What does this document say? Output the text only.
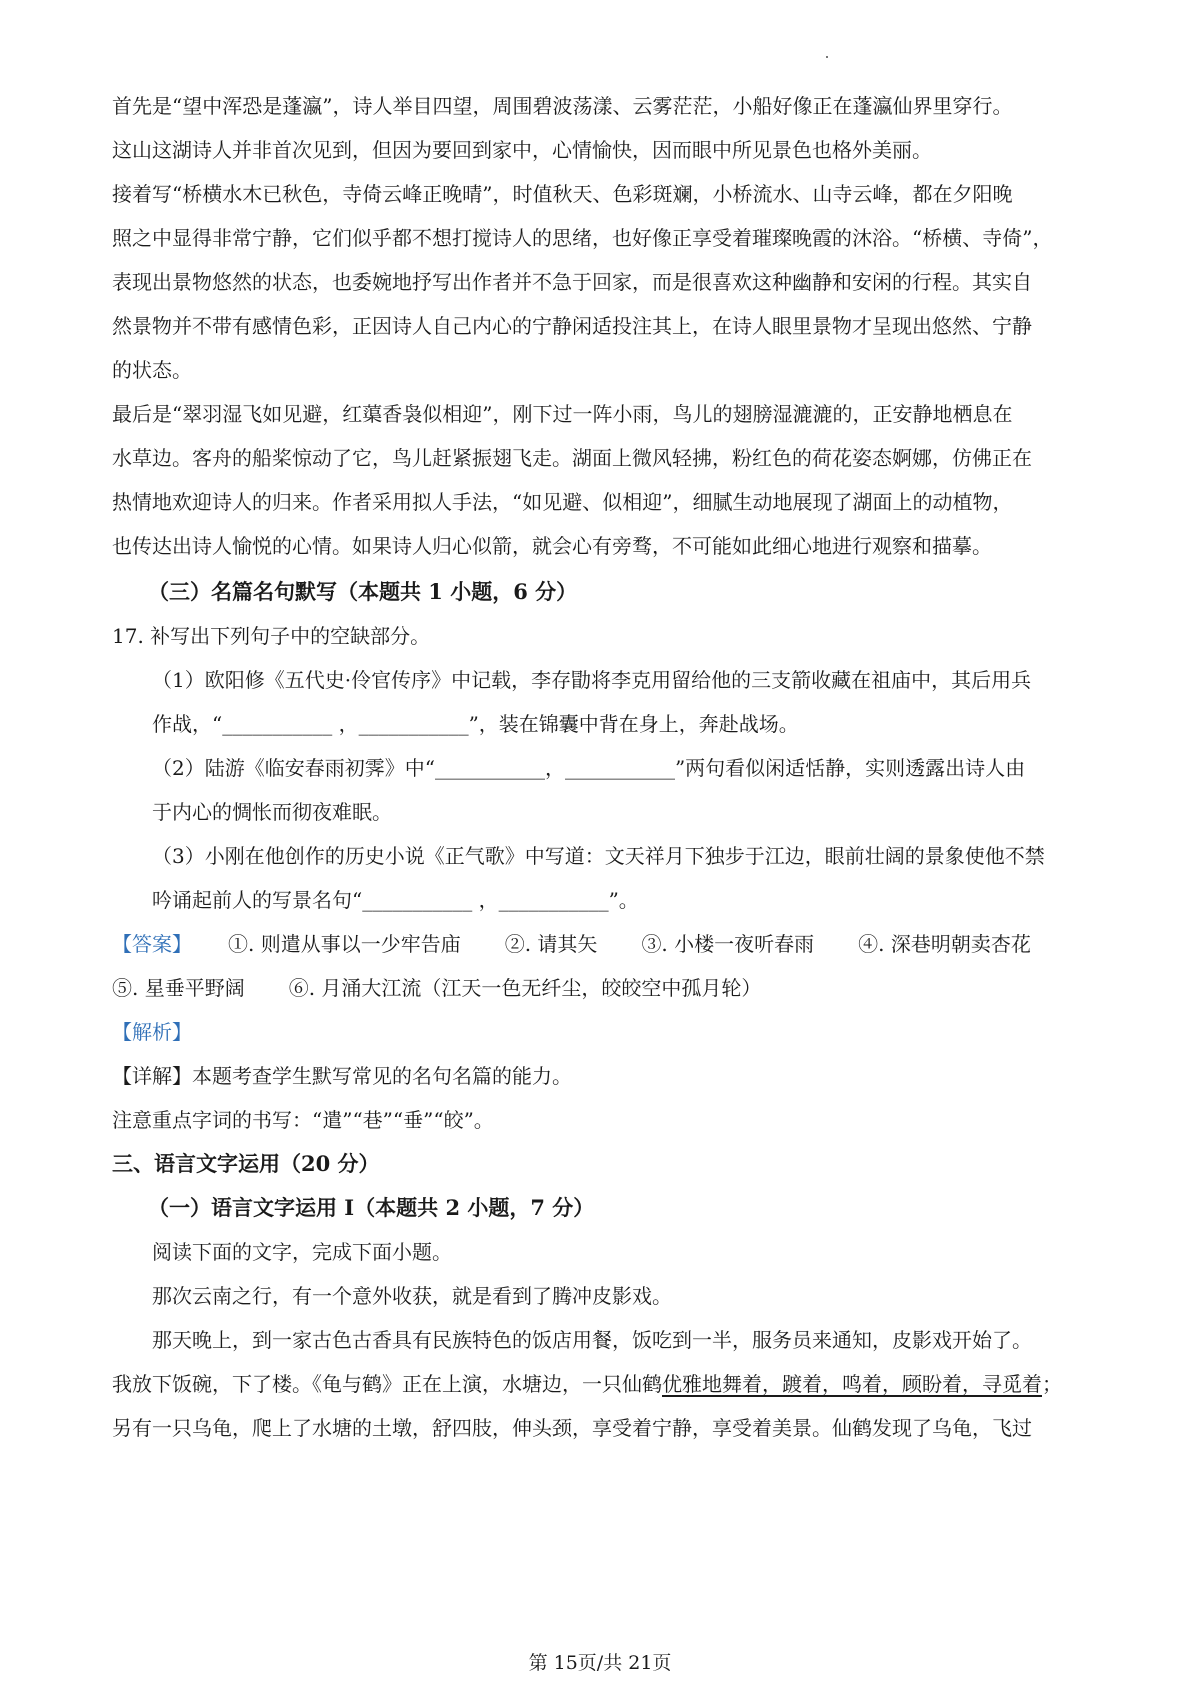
首先是“望中浑恐是蓬瀛”，诗人举目四望，周围碧波荡漾、云雾茫茫，小船好像正在蓬瀛仙界里穿行。
这山这湖诗人并非首次见到，但因为要回到家中，心情愉快，因而眼中所见景色也格外美丽。
接着写“桥横水木已秋色，寺倚云峰正晚晴”，时值秋天、色彩斑斓，小桥流水、山寺云峰，都在夕阳晚
照之中显得非常宁静，它们似乎都不想打搅诗人的思绪，也好像正享受着璀璨晚霞的沐浴。“桥横、寺倚”，
表现出景物悠然的状态，也委婉地抒写出作者并不急于回家，而是很喜欢这种幽静和安闲的行程。其实自
然景物并不带有感情色彩，正因诗人自己内心的宁静闲适投注其上，在诗人眼里景物才呈现出悠然、宁静
的状态。
最后是“翠羽湿飞如见避，红蕖香袅似相迎”，刚下过一阵小雨，鸟儿的翅膀湿漉漉的，正安静地栖息在
水草边。客舟的船桨惊动了它，鸟儿赶紧振翅飞走。湖面上微风轻拂，粉红色的荷花姿态婀娜，仿佛正在
热情地欢迎诗人的归来。作者采用拟人手法，“如见避、似相迎”，细腻生动地展现了湖面上的动植物，
也传达出诗人愉悦的心情。如果诗人归心似箭，就会心有旁骛，不可能如此细心地进行观察和描摹。
（三）名篇名句默写（本题共 1 小题，6 分）
17. 补写出下列句子中的空缺部分。
（1）欧阳修《五代史·伶官传序》中记载，李存勖将李克用留给他的三支箭收藏在祖庙中，其后用兵
作战，“___________ ，___________”，装在锦囊中背在身上，奔赴战场。
（2）陆游《临安春雨初霁》中“___________，___________”两句看似闲适恬静，实则透露出诗人由
于内心的惆怅而彻夜难眠。
（3）小刚在他创作的历史小说《正气歌》中写道：文天祥月下独步于江边，眼前壮阔的景象使他不禁
吟诵起前人的写景名句“___________ ，___________”。
【答案】 ①. 则遣从事以一少牢告庙 ②. 请其矢 ③. 小楼一夜听春雨 ④. 深巷明朝卖杏花
⑤. 星垂平野阔 ⑥. 月涌大江流（江天一色无纤尘，皎皎空中孤月轮）
【解析】
【详解】本题考查学生默写常见的名句名篇的能力。
注意重点字词的书写：“遣”“巷”“垂”“皎”。
三、语言文字运用（20 分）
（一）语言文字运用 I（本题共 2 小题，7 分）
阅读下面的文字，完成下面小题。
那次云南之行，有一个意外收获，就是看到了腾冲皮影戏。
那天晚上，到一家古色古香具有民族特色的饭店用餐，饭吃到一半，服务员来通知，皮影戏开始了。
我放下饭碗，下了楼。《龟与鹤》正在上演，水塘边，一只仙鹤优雅地舞着，踱着，鸣着，顾盼着，寻觅着；
另有一只乌龟，爬上了水塘的土墩，舒四肢，伸头颈，享受着宁静，享受着美景。仙鹤发现了乌龟，飞过
第 15页/共 21页
